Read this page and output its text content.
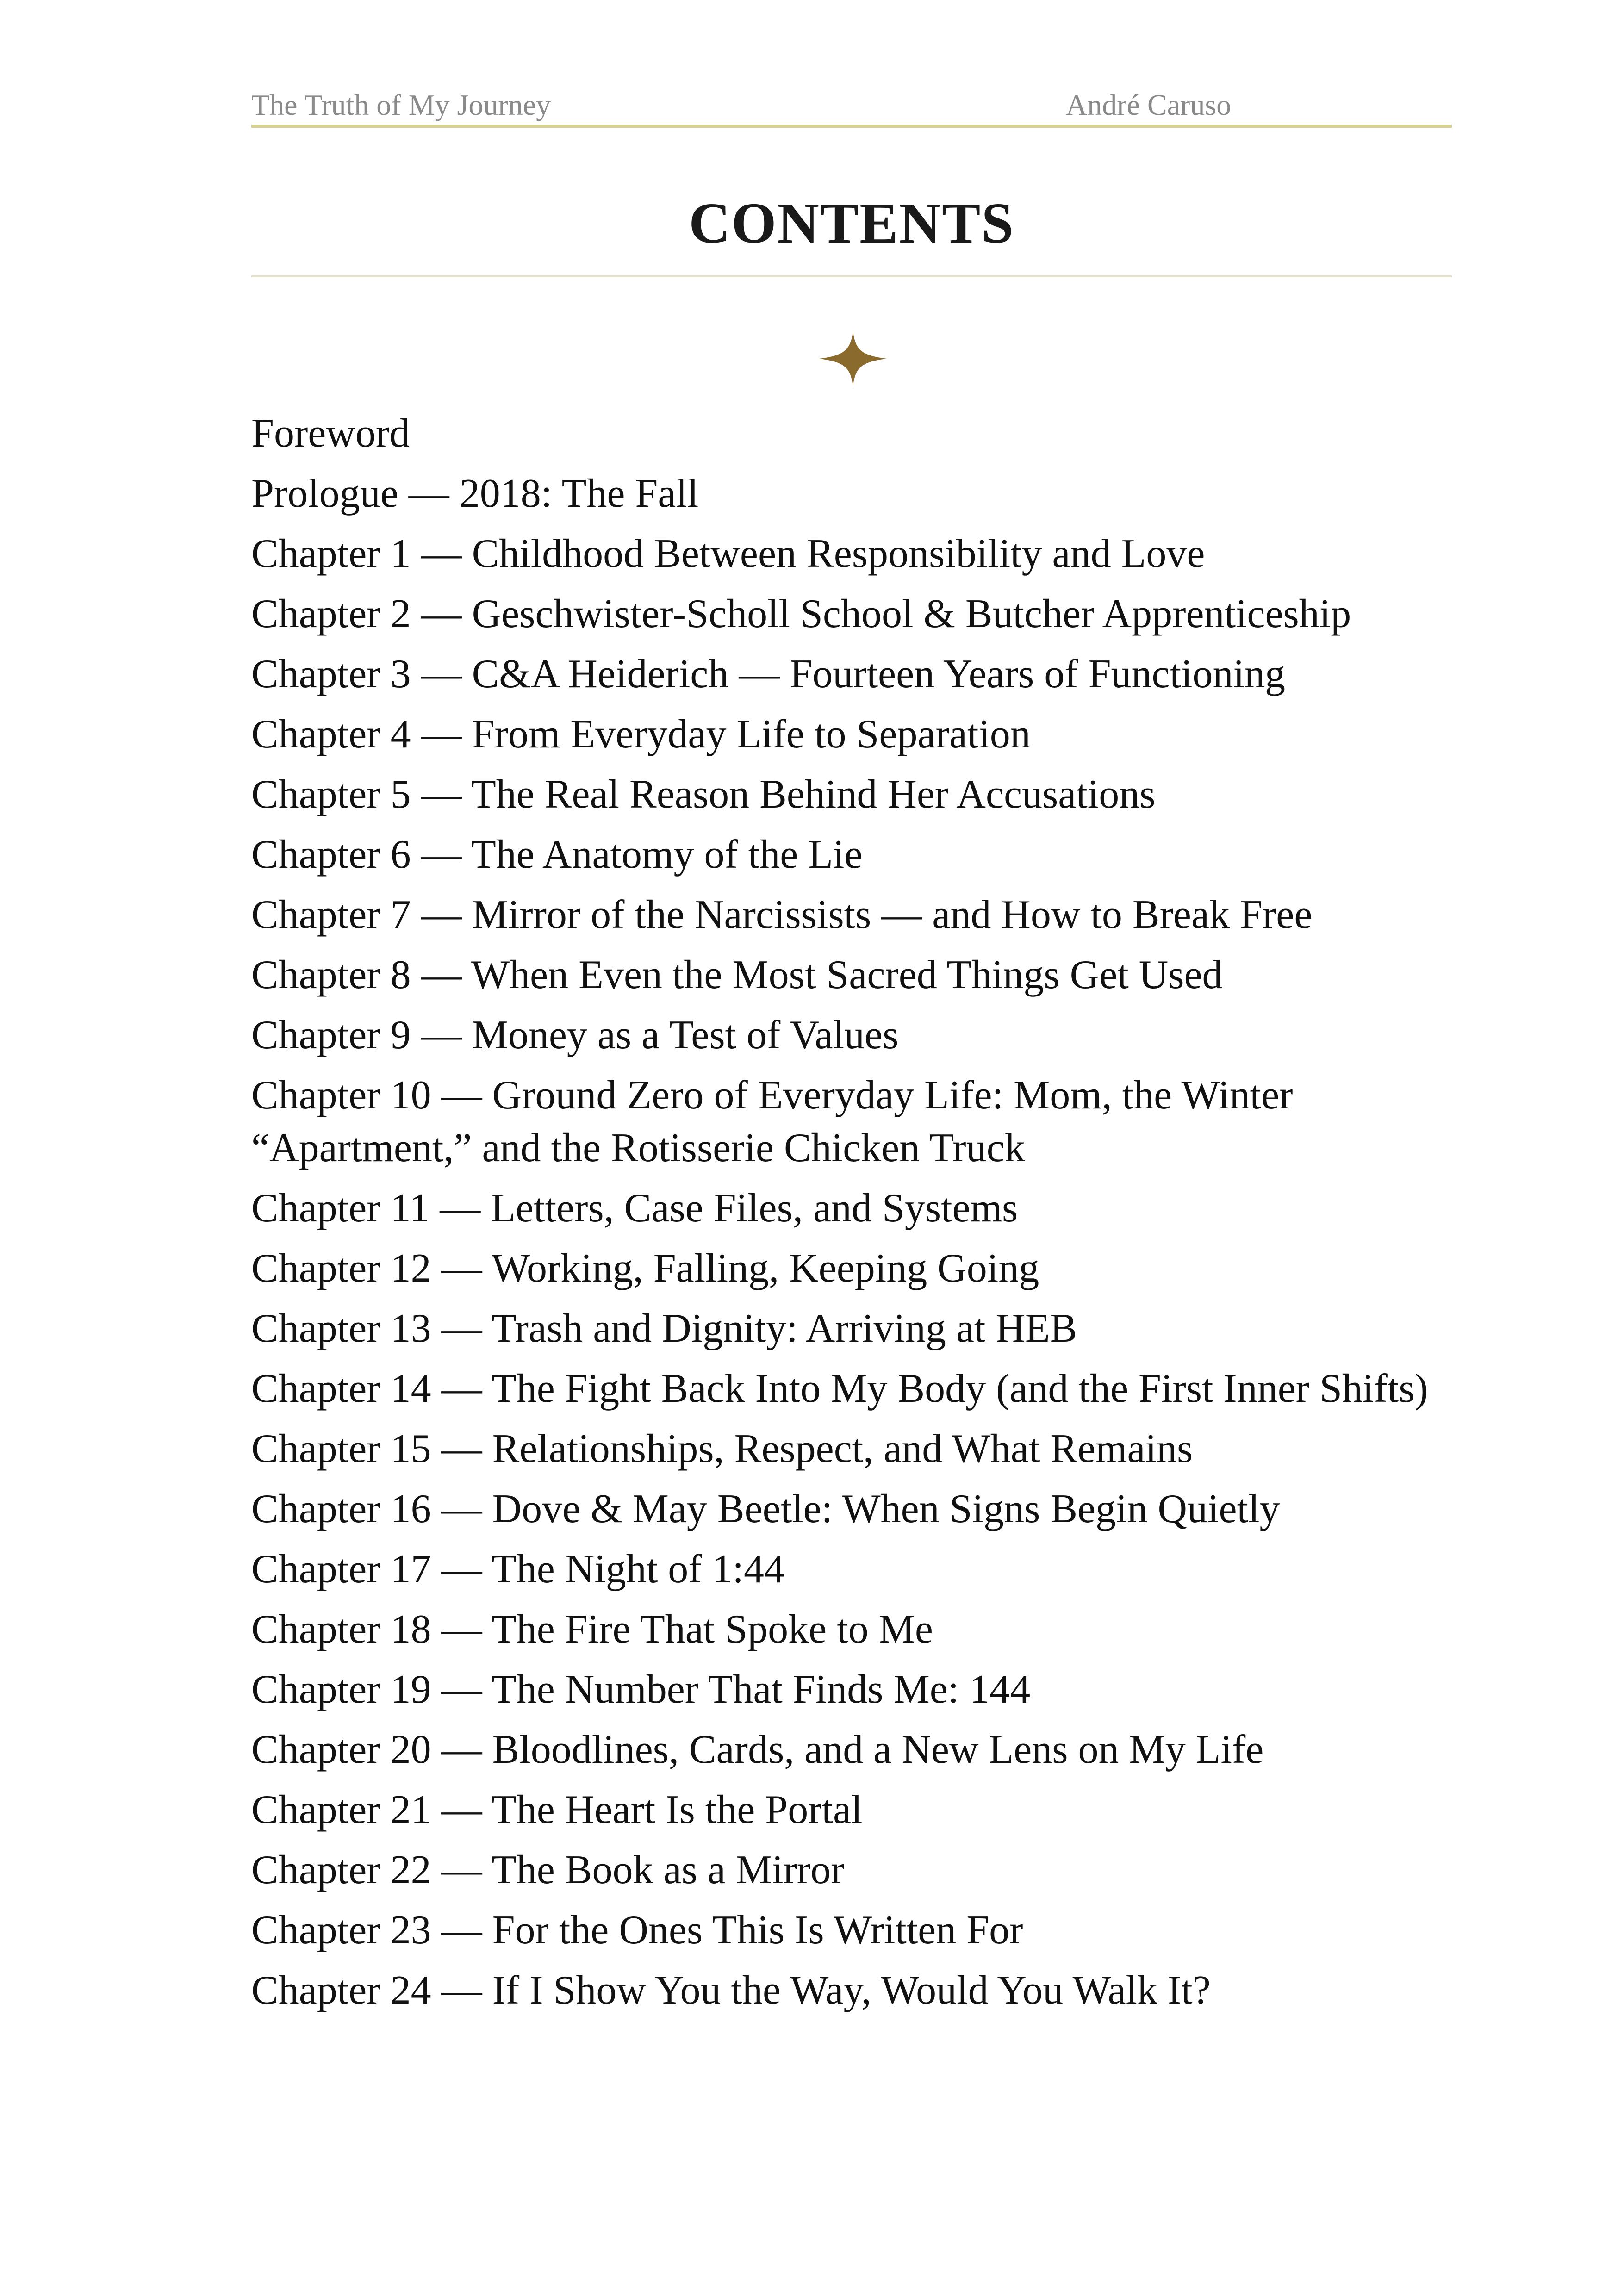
The Truth of My Journey	André Caruso
CONTENTS
Foreword
Prologue — 2018: The Fall
Chapter 1 — Childhood Between Responsibility and Love
Chapter 2 — Geschwister-Scholl School & Butcher Apprenticeship
Chapter 3 — C&A Heiderich — Fourteen Years of Functioning
Chapter 4 — From Everyday Life to Separation
Chapter 5 — The Real Reason Behind Her Accusations
Chapter 6 — The Anatomy of the Lie
Chapter 7 — Mirror of the Narcissists — and How to Break Free
Chapter 8 — When Even the Most Sacred Things Get Used
Chapter 9 — Money as a Test of Values
Chapter 10 — Ground Zero of Everyday Life: Mom, the Winter “Apartment,” and the Rotisserie Chicken Truck
Chapter 11 — Letters, Case Files, and Systems
Chapter 12 — Working, Falling, Keeping Going
Chapter 13 — Trash and Dignity: Arriving at HEB
Chapter 14 — The Fight Back Into My Body (and the First Inner Shifts)
Chapter 15 — Relationships, Respect, and What Remains
Chapter 16 — Dove & May Beetle: When Signs Begin Quietly
Chapter 17 — The Night of 1:44
Chapter 18 — The Fire That Spoke to Me
Chapter 19 — The Number That Finds Me: 144
Chapter 20 — Bloodlines, Cards, and a New Lens on My Life
Chapter 21 — The Heart Is the Portal
Chapter 22 — The Book as a Mirror
Chapter 23 — For the Ones This Is Written For
Chapter 24 — If I Show You the Way, Would You Walk It?
